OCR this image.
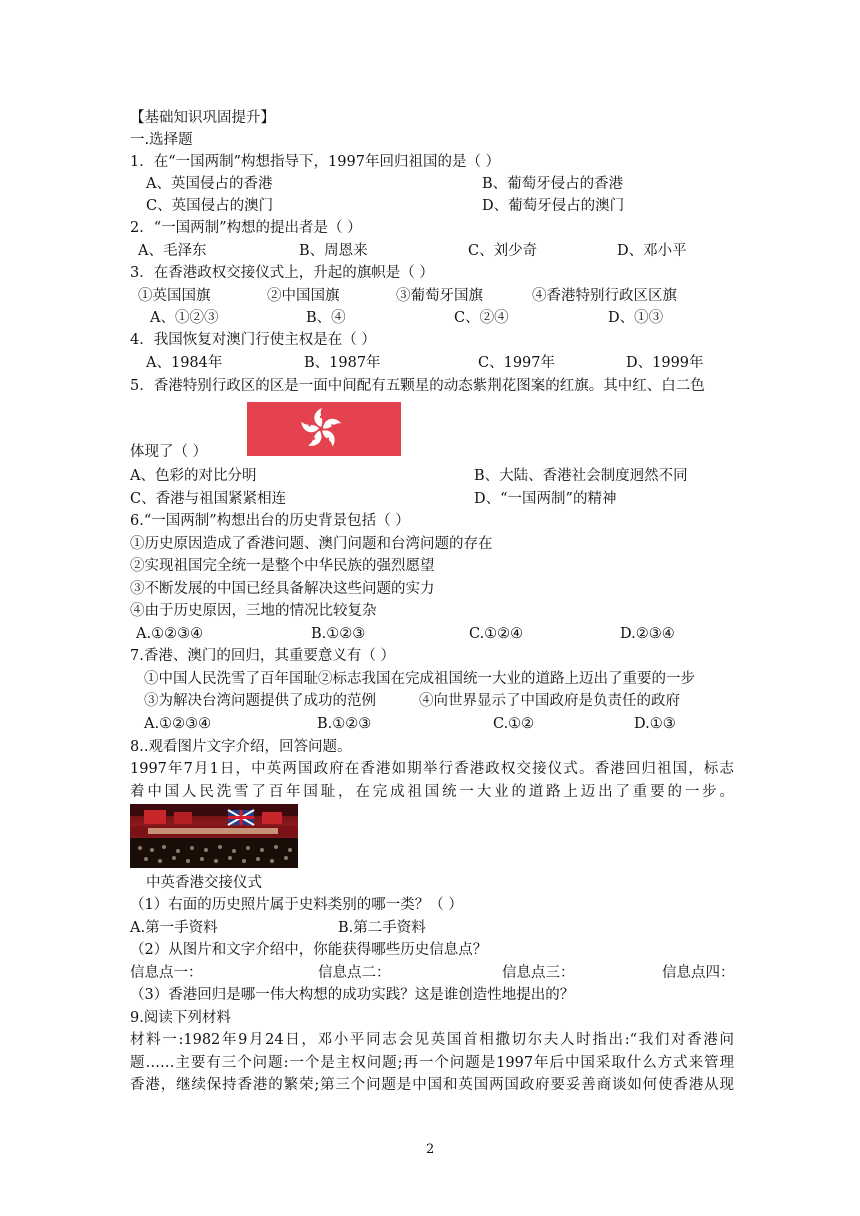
【基础知识巩固提升】
一.选择题
1．在“一国两制”构想指导下，1997年回归祖国的是（ ）
A、英国侵占的香港	B、葡萄牙侵占的香港
C、英国侵占的澳门	D、葡萄牙侵占的澳门
2．“一国两制”构想的提出者是（ ）
A、毛泽东	B、周恩来	C、刘少奇	D、邓小平
3．在香港政权交接仪式上，升起的旗帜是（ ）
①英国国旗	②中国国旗	③葡萄牙国旗	④香港特别行政区区旗
A、①②③	B、④	C、②④	D、①③
4．我国恢复对澳门行使主权是在（ ）
A、1984年	B、1987年	C、1997年	D、1999年
5．香港特别行政区的区是一面中间配有五颗星的动态紫荆花图案的红旗。其中红、白二色
体现了（ ）
A、色彩的对比分明	B、大陆、香港社会制度迥然不同
C、香港与祖国紧紧相连	D、“一国两制”的精神
6.“一国两制”构想出台的历史背景包括（ ）
①历史原因造成了香港问题、澳门问题和台湾问题的存在
②实现祖国完全统一是整个中华民族的强烈愿望
③不断发展的中国已经具备解决这些问题的实力
④由于历史原因，三地的情况比较复杂
A.①②③④	B.①②③	C.①②④	D.②③④
7.香港、澳门的回归，其重要意义有（ ）
①中国人民洗雪了百年国耻②标志我国在完成祖国统一大业的道路上迈出了重要的一步
③为解决台湾问题提供了成功的范例	④向世界显示了中国政府是负责任的政府
A.①②③④	B.①②③	C.①②	D.①③
8..观看图片文字介绍，回答问题。
1997年7月1日，中英两国政府在香港如期举行香港政权交接仪式。香港回归祖国，标志
着中国人民洗雪了百年国耻，在完成祖国统一大业的道路上迈出了重要的一步。
中英香港交接仪式
（1）右面的历史照片属于史料类别的哪一类？（ ）
A.第一手资料	B.第二手资料
（2）从图片和文字介绍中，你能获得哪些历史信息点？
信息点一：	信息点二：	信息点三：	信息点四：
（3）香港回归是哪一伟大构想的成功实践？这是谁创造性地提出的？
9.阅读下列材料
材料一:1982年9月24日，邓小平同志会见英国首相撒切尔夫人时指出:“我们对香港问
题……主要有三个问题:一个是主权问题;再一个问题是1997年后中国采取什么方式来管理
香港，继续保持香港的繁荣;第三个问题是中国和英国两国政府要妥善商谈如何使香港从现
2
